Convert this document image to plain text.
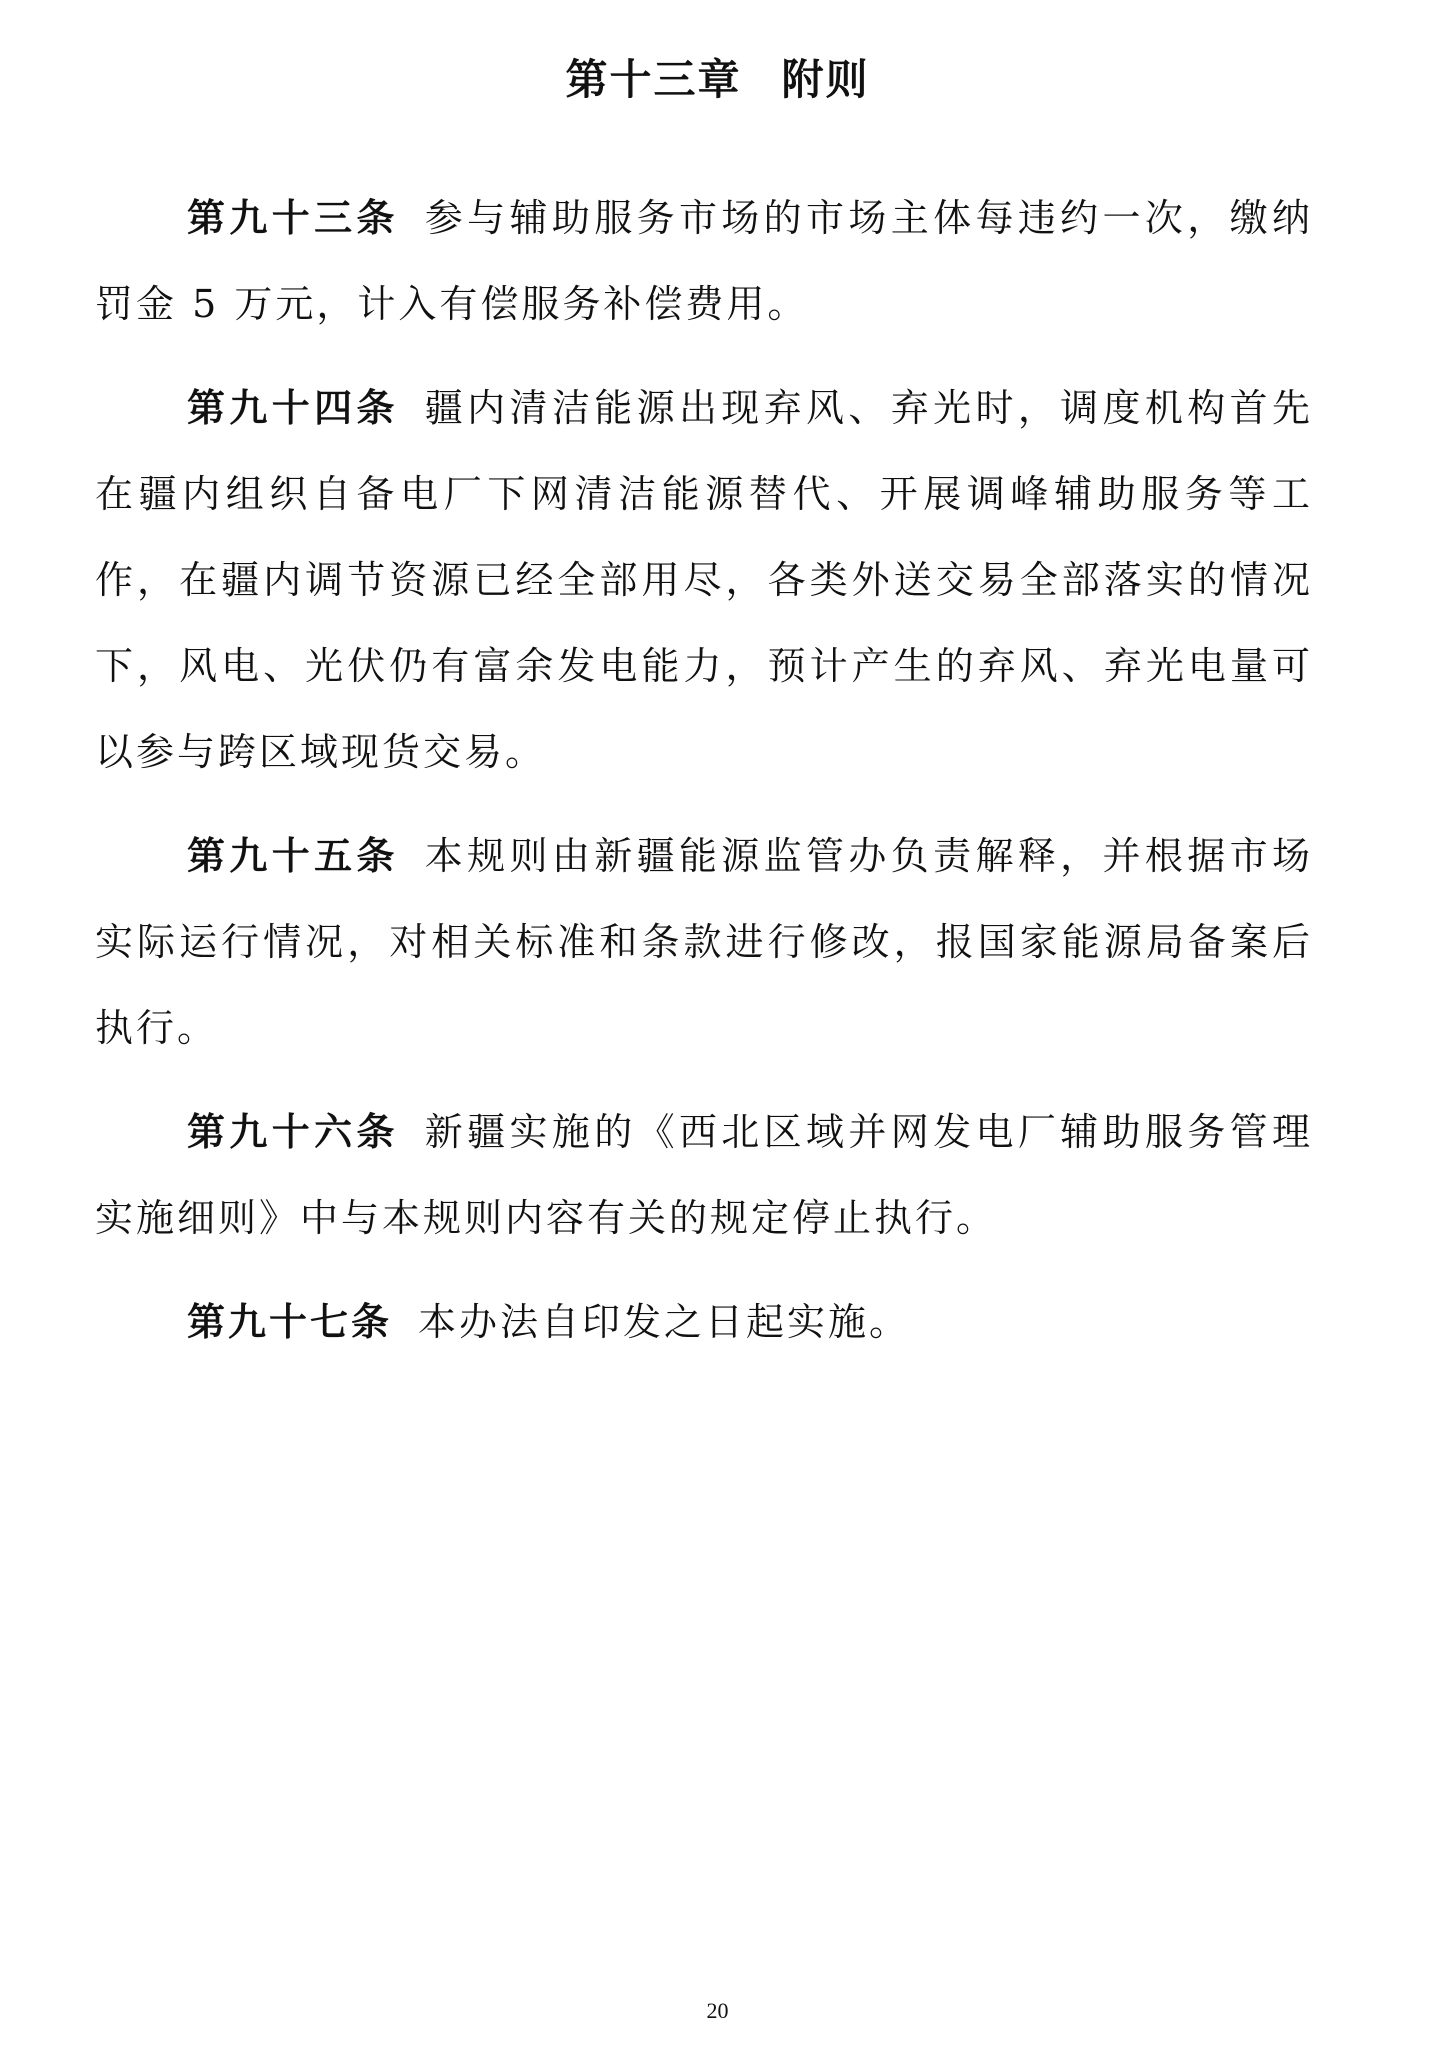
第十三章 附则

第九十三条 参与辅助服务市场的市场主体每违约一次，缴纳罚金 5 万元，计入有偿服务补偿费用。

第九十四条 疆内清洁能源出现弃风、弃光时，调度机构首先在疆内组织自备电厂下网清洁能源替代、开展调峰辅助服务等工作，在疆内调节资源已经全部用尽，各类外送交易全部落实的情况下，风电、光伏仍有富余发电能力，预计产生的弃风、弃光电量可以参与跨区域现货交易。

第九十五条 本规则由新疆能源监管办负责解释，并根据市场实际运行情况，对相关标准和条款进行修改，报国家能源局备案后执行。

第九十六条 新疆实施的《西北区域并网发电厂辅助服务管理实施细则》中与本规则内容有关的规定停止执行。

第九十七条 本办法自印发之日起实施。

20
